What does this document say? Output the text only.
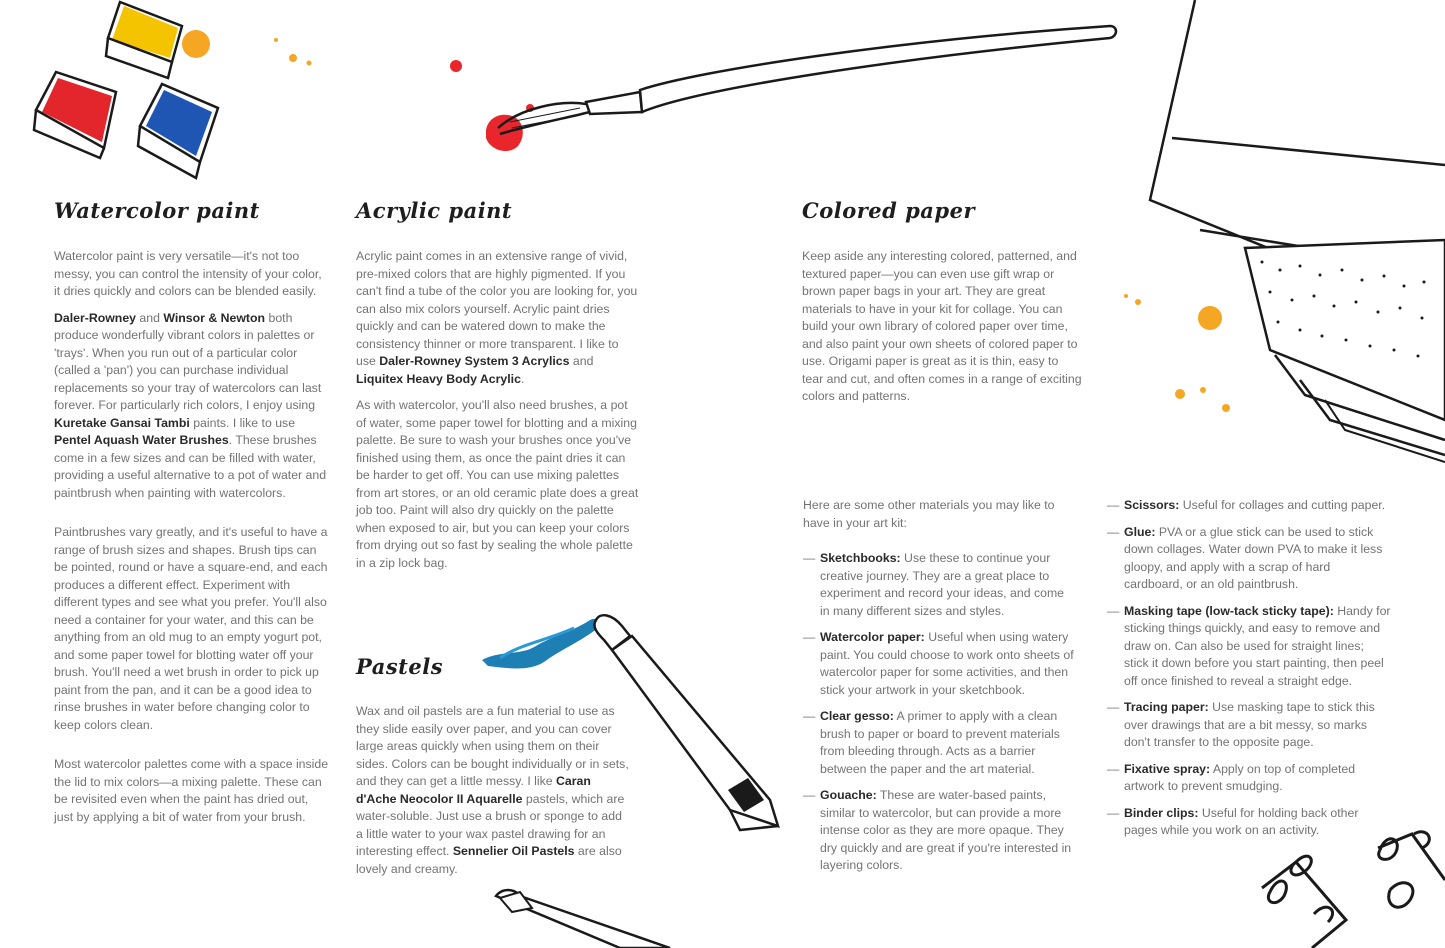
Watercolor paint

Watercolor paint is very versatile—it's not too messy, you can control the intensity of your color, it dries quickly and colors can be blended easily.

Daler-Rowney and Winsor & Newton both produce wonderfully vibrant colors in palettes or 'trays'. When you run out of a particular color (called a 'pan') you can purchase individual replacements so your tray of watercolors can last forever. For particularly rich colors, I enjoy using Kuretake Gansai Tambi paints. I like to use Pentel Aquash Water Brushes. These brushes come in a few sizes and can be filled with water, providing a useful alternative to a pot of water and paintbrush when painting with watercolors.

Paintbrushes vary greatly, and it's useful to have a range of brush sizes and shapes. Brush tips can be pointed, round or have a square-end, and each produces a different effect. Experiment with different types and see what you prefer. You'll also need a container for your water, and this can be anything from an old mug to an empty yogurt pot, and some paper towel for blotting water off your brush. You'll need a wet brush in order to pick up paint from the pan, and it can be a good idea to rinse brushes in water before changing color to keep colors clean.

Most watercolor palettes come with a space inside the lid to mix colors—a mixing palette. These can be revisited even when the paint has dried out, just by applying a bit of water from your brush.

Acrylic paint

Acrylic paint comes in an extensive range of vivid, pre-mixed colors that are highly pigmented. If you can't find a tube of the color you are looking for, you can also mix colors yourself. Acrylic paint dries quickly and can be watered down to make the consistency thinner or more transparent. I like to use Daler-Rowney System 3 Acrylics and Liquitex Heavy Body Acrylic.

As with watercolor, you'll also need brushes, a pot of water, some paper towel for blotting and a mixing palette. Be sure to wash your brushes once you've finished using them, as once the paint dries it can be harder to get off. You can use mixing palettes from art stores, or an old ceramic plate does a great job too. Paint will also dry quickly on the palette when exposed to air, but you can keep your colors from drying out so fast by sealing the whole palette in a zip lock bag.

Pastels

Wax and oil pastels are a fun material to use as they slide easily over paper, and you can cover large areas quickly when using them on their sides. Colors can be bought individually or in sets, and they can get a little messy. I like Caran d'Ache Neocolor II Aquarelle pastels, which are water-soluble. Just use a brush or sponge to add a little water to your wax pastel drawing for an interesting effect. Sennelier Oil Pastels are also lovely and creamy.

Colored paper

Keep aside any interesting colored, patterned, and textured paper—you can even use gift wrap or brown paper bags in your art. They are great materials to have in your kit for collage. You can build your own library of colored paper over time, and also paint your own sheets of colored paper to use. Origami paper is great as it is thin, easy to tear and cut, and often comes in a range of exciting colors and patterns.

Here are some other materials you may like to have in your art kit:

— Sketchbooks: Use these to continue your creative journey. They are a great place to experiment and record your ideas, and come in many different sizes and styles.
— Watercolor paper: Useful when using watery paint. You could choose to work onto sheets of watercolor paper for some activities, and then stick your artwork in your sketchbook.
— Clear gesso: A primer to apply with a clean brush to paper or board to prevent materials from bleeding through. Acts as a barrier between the paper and the art material.
— Gouache: These are water-based paints, similar to watercolor, but can provide a more intense color as they are more opaque. They dry quickly and are great if you're interested in layering colors.
— Scissors: Useful for collages and cutting paper.
— Glue: PVA or a glue stick can be used to stick down collages. Water down PVA to make it less gloopy, and apply with a scrap of hard cardboard, or an old paintbrush.
— Masking tape (low-tack sticky tape): Handy for sticking things quickly, and easy to remove and draw on. Can also be used for straight lines; stick it down before you start painting, then peel off once finished to reveal a straight edge.
— Tracing paper: Use masking tape to stick this over drawings that are a bit messy, so marks don't transfer to the opposite page.
— Fixative spray: Apply on top of completed artwork to prevent smudging.
— Binder clips: Useful for holding back other pages while you work on an activity.
